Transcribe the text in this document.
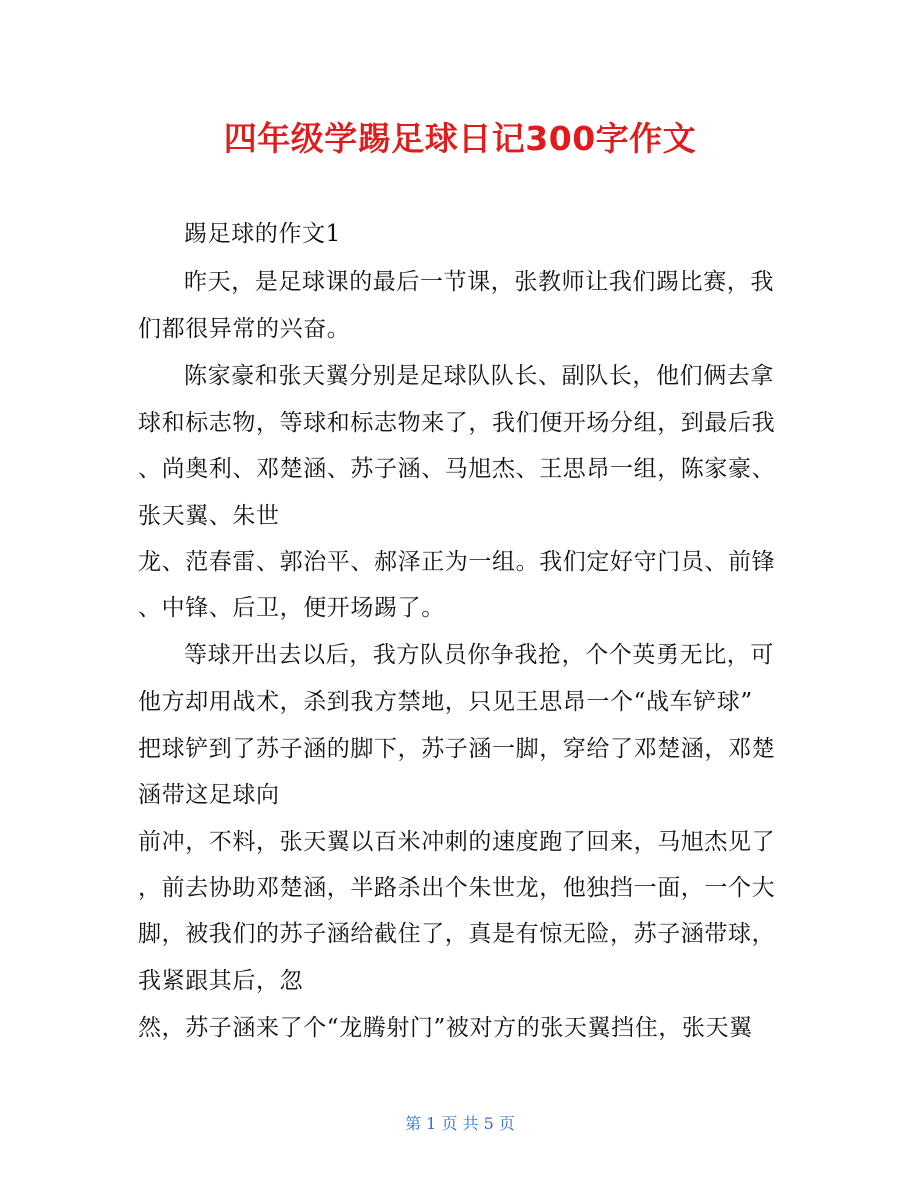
四年级学踢足球日记300字作文
踢足球的作文1
昨天，是足球课的最后一节课，张教师让我们踢比赛，我
们都很异常的兴奋。
陈家豪和张天翼分别是足球队队长、副队长，他们俩去拿
球和标志物，等球和标志物来了，我们便开场分组，到最后我
、尚奥利、邓楚涵、苏子涵、马旭杰、王思昂一组，陈家豪、
张天翼、朱世
龙、范春雷、郭治平、郝泽正为一组。我们定好守门员、前锋
、中锋、后卫，便开场踢了。
等球开出去以后，我方队员你争我抢，个个英勇无比，可
他方却用战术，杀到我方禁地，只见王思昂一个“战车铲球”
把球铲到了苏子涵的脚下，苏子涵一脚，穿给了邓楚涵，邓楚
涵带这足球向
前冲，不料，张天翼以百米冲刺的速度跑了回来，马旭杰见了
，前去协助邓楚涵，半路杀出个朱世龙，他独挡一面，一个大
脚，被我们的苏子涵给截住了，真是有惊无险，苏子涵带球，
我紧跟其后，忽
然，苏子涵来了个“龙腾射门”被对方的张天翼挡住，张天翼
第 1 页 共 5 页
